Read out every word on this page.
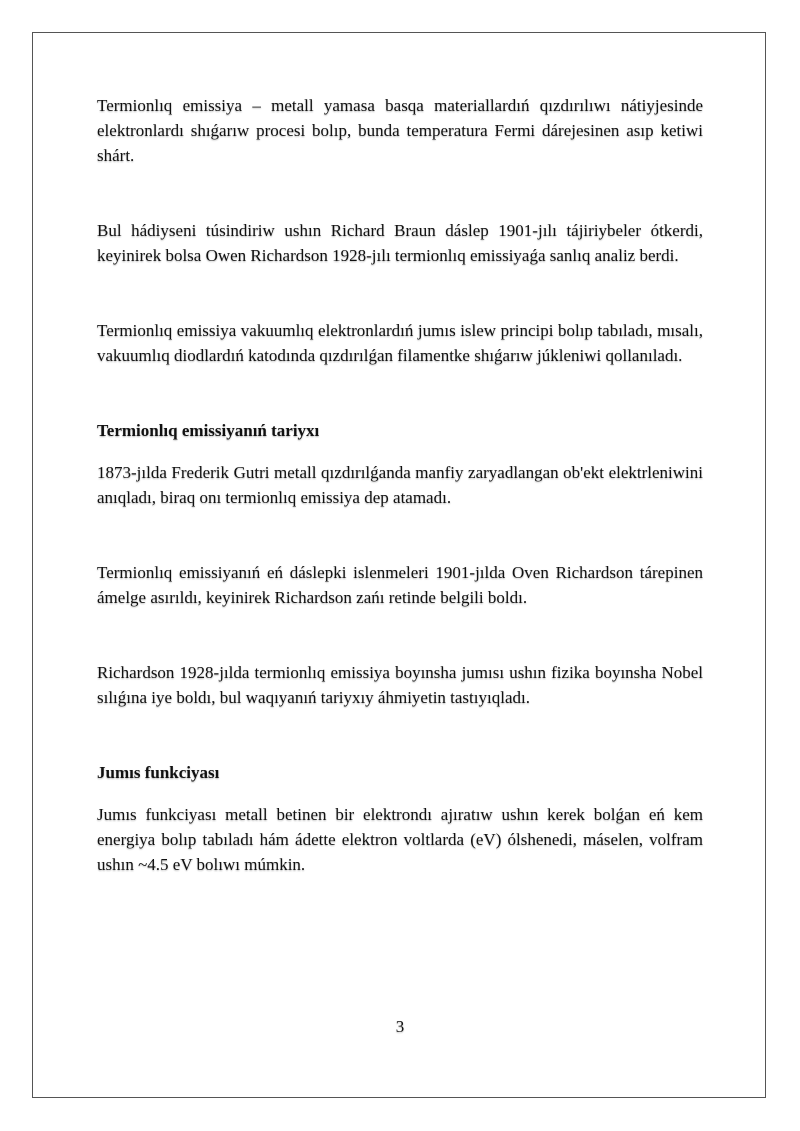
Termionlıq emissiya – metall yamasa basqa materiallardıń qızdırılıwı nátiyjesinde elektronlardı shıǵarıw procesi bolıp, bunda temperatura Fermi dárejesinen asıp ketiwi shárt.

Bul hádiyseni túsindiriw ushın Richard Braun dáslep 1901-jılı tájiriybeler ótkerdi, keyinirek bolsa Owen Richardson 1928-jılı termionlıq emissiyaǵa sanlıq analiz berdi.

Termionlıq emissiya vakuumlıq elektronlardıń jumıs islew principi bolıp tabıladı, mısalı, vakuumlıq diodlardıń katodında qızdırılǵan filamentke shıǵarıw júkleniwi qollanıladı.

Termionlıq emissiyanıń tariyxı

1873-jılda Frederik Gutri metall qızdırılǵanda manfiy zaryadlangan ob'ekt elektrleniwini anıqladı, biraq onı termionlıq emissiya dep atamadı.

Termionlıq emissiyanıń eń dáslepki islenmeleri 1901-jılda Oven Richardson tárepinen ámelge asırıldı, keyinirek Richardson zańı retinde belgili boldı.

Richardson 1928-jılda termionlıq emissiya boyınsha jumısı ushın fizika boyınsha Nobel sılıǵına iye boldı, bul waqıyanıń tariyxıy áhmiyetin tastıyıqladı.

Jumıs funkciyası

Jumıs funkciyası metall betinen bir elektrondı ajıratıw ushın kerek bolǵan eń kem energiya bolıp tabıladı hám ádette elektron voltlarda (eV) ólshenedi, máselen, volfram ushın ~4.5 eV bolıwı múmkin.

3
